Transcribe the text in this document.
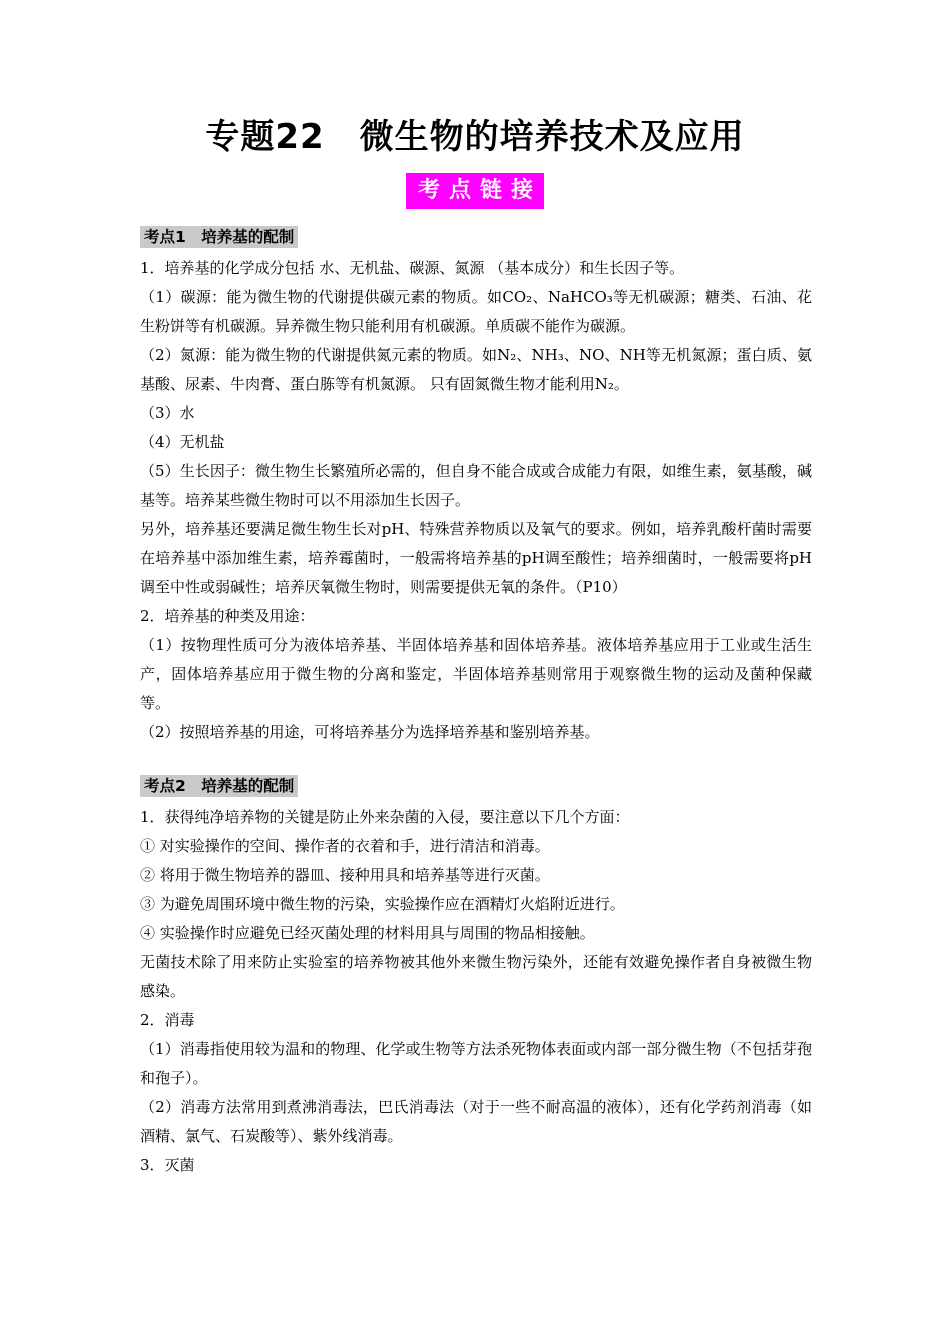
专题22　微生物的培养技术及应用
考点链接
考点1　培养基的配制

1．培养基的化学成分包括 水、无机盐、碳源、氮源 （基本成分）和生长因子等。

（1）碳源：能为微生物的代谢提供碳元素的物质。如CO₂、NaHCO₃等无机碳源；糖类、石油、花生粉饼等有机碳源。异养微生物只能利用有机碳源。单质碳不能作为碳源。

（2）氮源：能为微生物的代谢提供氮元素的物质。如N₂、NH₃、NO、NH等无机氮源；蛋白质、氨基酸、尿素、牛肉膏、蛋白胨等有机氮源。 只有固氮微生物才能利用N₂。

（3）水

（4）无机盐

（5）生长因子：微生物生长繁殖所必需的，但自身不能合成或合成能力有限，如维生素，氨基酸，碱基等。培养某些微生物时可以不用添加生长因子。

另外，培养基还要满足微生物生长对pH、特殊营养物质以及氧气的要求。例如，培养乳酸杆菌时需要在培养基中添加维生素，培养霉菌时，一般需将培养基的pH调至酸性；培养细菌时，一般需要将pH调至中性或弱碱性；培养厌氧微生物时，则需要提供无氧的条件。（P10）

2．培养基的种类及用途：

（1）按物理性质可分为液体培养基、半固体培养基和固体培养基。液体培养基应用于工业或生活生产，固体培养基应用于微生物的分离和鉴定，半固体培养基则常用于观察微生物的运动及菌种保藏等。

（2）按照培养基的用途，可将培养基分为选择培养基和鉴别培养基。

考点2　培养基的配制

1．获得纯净培养物的关键是防止外来杂菌的入侵，要注意以下几个方面：

① 对实验操作的空间、操作者的衣着和手，进行清洁和消毒。

② 将用于微生物培养的器皿、接种用具和培养基等进行灭菌。

③ 为避免周围环境中微生物的污染，实验操作应在酒精灯火焰附近进行。

④ 实验操作时应避免已经灭菌处理的材料用具与周围的物品相接触。

无菌技术除了用来防止实验室的培养物被其他外来微生物污染外，还能有效避免操作者自身被微生物感染。

2．消毒

（1）消毒指使用较为温和的物理、化学或生物等方法杀死物体表面或内部一部分微生物（不包括芽孢和孢子）。

（2）消毒方法常用到煮沸消毒法，巴氏消毒法（对于一些不耐高温的液体），还有化学药剂消毒（如酒精、氯气、石炭酸等）、紫外线消毒。

3．灭菌
